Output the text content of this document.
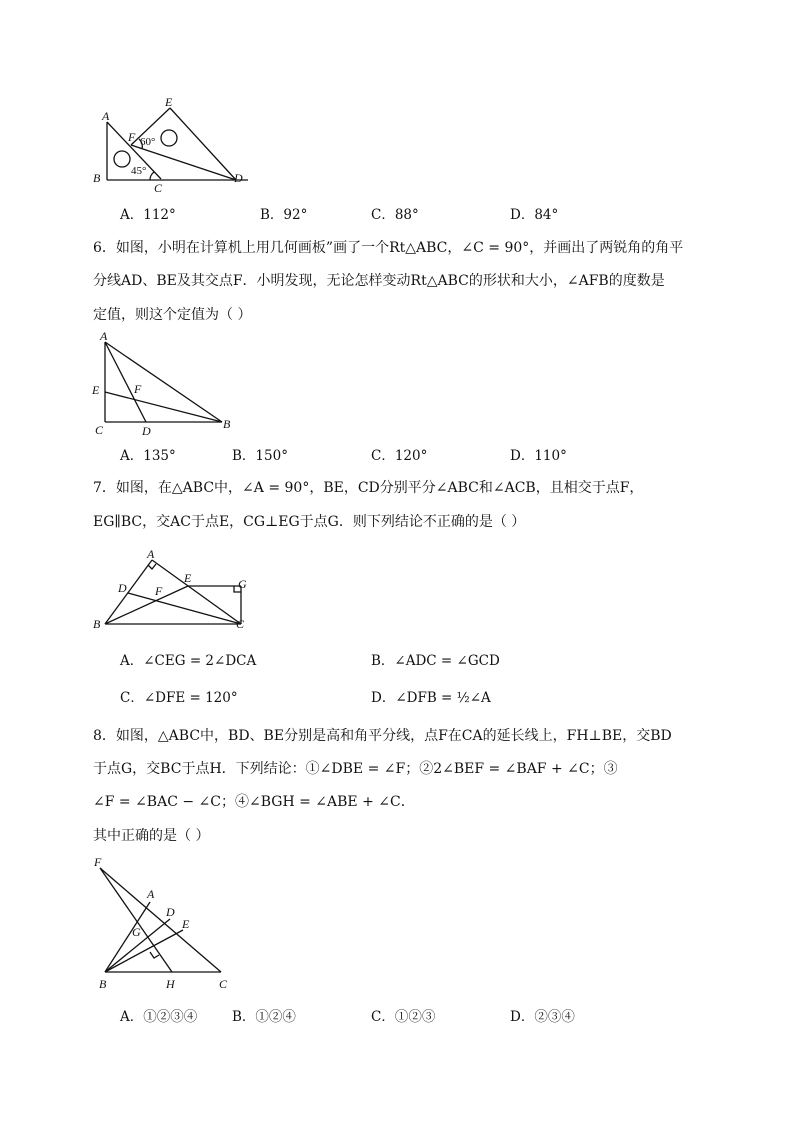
A
E
F 60°
45°
B
C
D
A．112°	B．92°	C．88°	D．84°
6．如图，小明在计算机上用几何画板”画了一个Rt△ABC，∠C = 90°，并画出了两锐角的角平
分线AD、BE及其交点F．小明发现，无论怎样变动Rt△ABC的形状和大小，∠AFB的度数是
定值，则这个定值为（ ）
A
E	F
C	D	B
A．135°	B．150°	C．120°	D．110°
7．如图，在△ABC中，∠A = 90°，BE，CD分别平分∠ABC和∠ACB，且相交于点F，
EG∥BC，交AC于点E，CG⊥EG于点G．则下列结论不正确的是（ ）
A
E	G
D F
B	C
A．∠CEG = 2∠DCA	B．∠ADC = ∠GCD
C．∠DFE = 120°	D．∠DFB = ½∠A
8．如图，△ABC中，BD、BE分别是高和角平分线，点F在CA的延长线上，FH⊥BE，交BD
于点G，交BC于点H．下列结论：①∠DBE = ∠F；②2∠BEF = ∠BAF + ∠C；③
∠F = ∠BAC − ∠C；④∠BGH = ∠ABE + ∠C．
其中正确的是（ ）
F
A
D
E
G
B	H	C
A．①②③④	B．①②④	C．①②③	D．②③④
